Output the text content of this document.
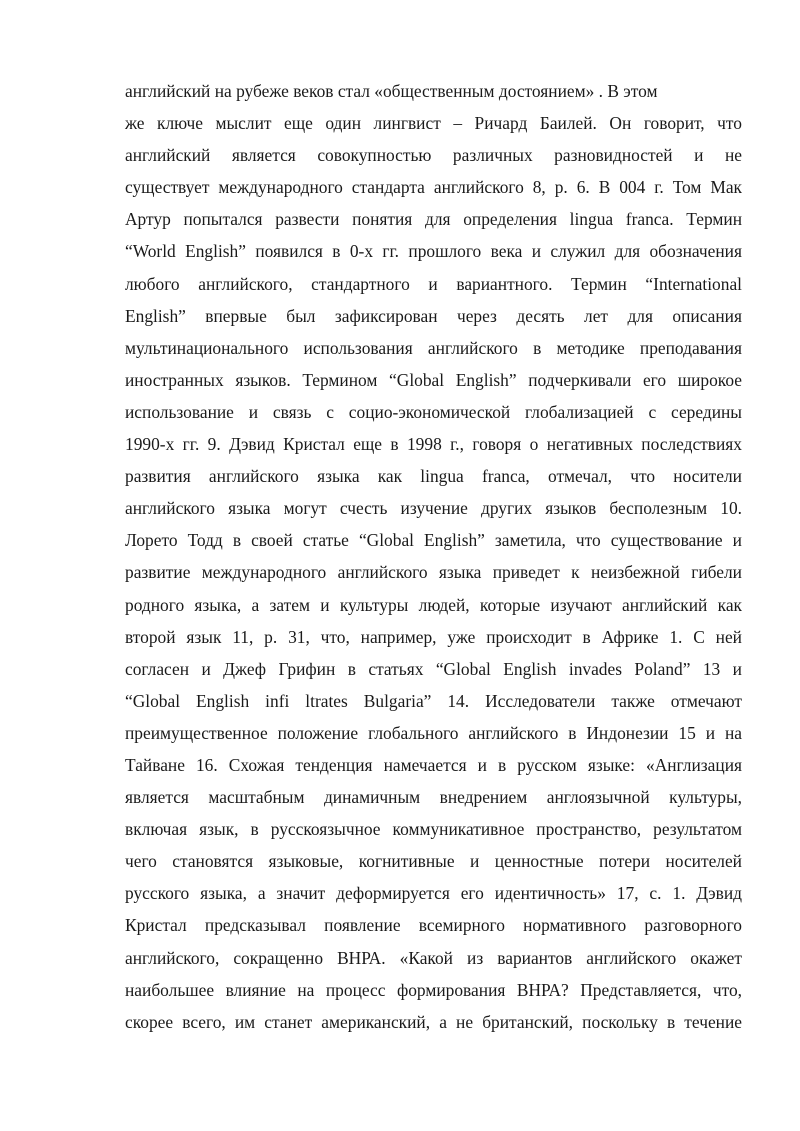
английский на рубеже веков стал «общественным достоянием» . В этом
же ключе мыслит еще один лингвист – Ричард Баилей. Он говорит, что
английский является совокупностью различных разновидностей и не
существует международного стандарта английского 8, р. 6. В 004 г. Том Мак
Артур попытался развести понятия для определения lingua franca. Термин
“World English” появился в 0-х гг. прошлого века и служил для обозначения
любого английского, стандартного и вариантного. Термин “International
English” впервые был зафиксирован через десять лет для описания
мультинационального использования английского в методике преподавания
иностранных языков. Термином “Global English” подчеркивали его широкое
использование и связь с социо-экономической глобализацией с середины
1990-х гг. 9. Дэвид Кристал еще в 1998 г., говоря о негативных последствиях
развития английского языка как lingua franca, отмечал, что носители
английского языка могут счесть изучение других языков бесполезным 10.
Лорето Тодд в своей статье “Global English” заметила, что существование и
развитие международного английского языка приведет к неизбежной гибели
родного языка, а затем и культуры людей, которые изучают английский как
второй язык 11, р. 31, что, например, уже происходит в Африке 1. С ней
согласен и Джеф Грифин в статьях “Global English invades Poland” 13 и
“Global English infi ltrates Bulgaria” 14. Исследователи также отмечают
преимущественное положение глобального английского в Индонезии 15 и на
Тайване 16. Схожая тенденция намечается и в русском языке: «Англизация
является масштабным динамичным внедрением англоязычной культуры,
включая язык, в русскоязычное коммуникативное пространство, результатом
чего становятся языковые, когнитивные и ценностные потери носителей
русского языка, а значит деформируется его идентичность» 17, с. 1. Дэвид
Кристал предсказывал появление всемирного нормативного разговорного
английского, сокращенно ВНРА. «Какой из вариантов английского окажет
наибольшее влияние на процесс формирования ВНРА? Представляется, что,
скорее всего, им станет американский, а не британский, поскольку в течение
